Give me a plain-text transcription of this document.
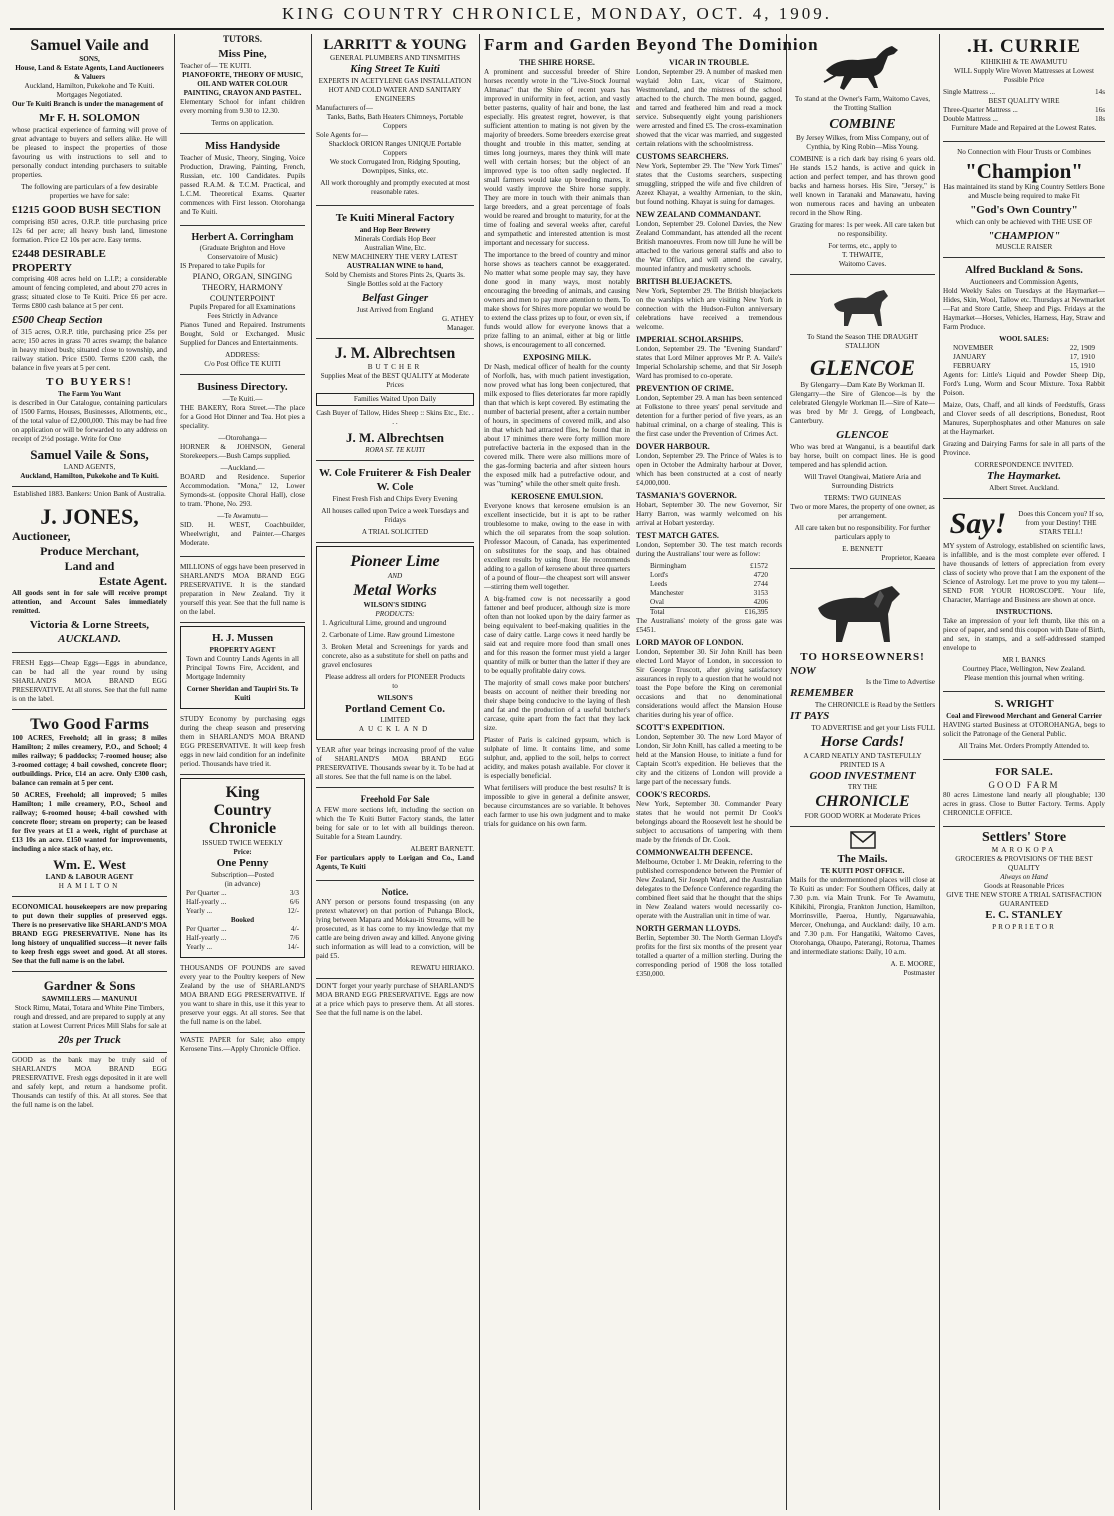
KING COUNTRY CHRONICLE, MONDAY, OCT. 4, 1909.
Samuel Vaile and
SONS,
House, Land & Estate Agents, Land Auctioneers & Valuers
Auckland, Hamilton, Pukekohe and Te Kuiti.
Mortgages Negotiated.

Our Te Kuiti Branch is under the management of

Mr F. H. SOLOMON

whose practical experience of farming will prove of great advantage to buyers and sellers alike. He will be pleased to inspect the properties of those favouring us with instructions to sell and to personally conduct intending purchasers to suitable properties.

The following are particulars of a few desirable properties we have for sale:

£1215 GOOD BUSH SECTION

comprising 850 acres, O.R.P. title purchasing price 12s 6d per acre; all heavy bush land, limestone formation. Price £2 10s per acre. Easy terms.

£2448 DESIRABLE PROPERTY

comprising 408 acres held on L.I.P.; a considerable amount of fencing completed, and about 270 acres in grass; situated close to Te Kuiti. Price £6 per acre. Terms £800 cash balance at 5 per cent.

£500 Cheap Section

of 315 acres, O.R.P. title, purchasing price 25s per acre; 150 acres in grass 70 acres swamp; the balance in heavy mixed bush; situated close to township, and railway station. Price £500. Terms £200 cash, the balance in five years at 5 per cent.

TO BUYERS!
The Farm You Want

is described in Our Catalogue, containing particulars of 1500 Farms, Houses, Businesses, Allotments, etc., of the total value of £2,000,000. This may be had free on application or will be forwarded to any address on receipt of 2½d postage. Write for One

Samuel Vaile & Sons,
LAND AGENTS,
Auckland, Hamilton, Pukekohe and Te Kuiti.

Established 1883. Bankers: Union Bank of Australia.

J. JONES,
Auctioneer,
Produce Merchant,
Land and
Estate Agent.

All goods sent in for sale will receive prompt attention, and Account Sales immediately remitted.

Victoria & Lorne Streets,
AUCKLAND.

FRESH Eggs—Cheap Eggs—Eggs in abundance, can be had all the year round by using SHARLAND'S MOA BRAND EGG PRESERVATIVE. At all stores. See that the full name is on the label.

Two Good Farms

100 ACRES, Freehold; all in grass; 8 miles Hamilton; 2 miles creamery, P.O., and School; 4 miles railway; 6 paddocks; 7-roomed house; also 3-roomed cottage; 4 bail cowshed, concrete floor; outbuildings. Price, £14 an acre. Only £300 cash, balance can remain at 5 per cent.

50 ACRES, Freehold; all improved; 5 miles Hamilton; 1 mile creamery, P.O., School and railway; 6-roomed house; 4-bail cowshed with concrete floor; stream on property; can be leased for five years at £1 a week, right of purchase at £13 10s an acre. £150 wanted for improvements, including a nice stack of hay, etc.

Wm. E. West
LAND & LABOUR AGENT
HAMILTON

ECONOMICAL housekeepers are now preparing to put down their supplies of preserved eggs. There is no preservative like SHARLAND'S MOA BRAND EGG PRESERVATIVE. None has its long history of unqualified success—it never fails to keep fresh eggs sweet and good. At all stores. See that the full name is on the label.

Gardner & Sons
SAWMILLERS — MANUNUI

Stock Rimu, Matai, Totara and White Pine Timbers, rough and dressed, and are prepared to supply at any station at Lowest Current Prices Mill Slabs for sale at

20s per Truck

GOOD as the bank may be truly said of SHARLAND'S MOA BRAND EGG PRESERVATIVE. Fresh eggs deposited in it are well and safely kept, and return a handsome profit. Thousands can testify of this. At all stores. See that the full name is on the label.

TUTORS.
Miss Pine,
Teacher of— TE KUITI.
PIANOFORTE, THEORY OF MUSIC, OIL AND WATER COLOUR PAINTING, CRAYON AND PASTEL.

Elementary School for infant children every morning from 9.30 to 12.30.

Terms on application.
Miss Handyside

Teacher of Music, Theory, Singing, Voice Production, Drawing, Painting, French, Russian, etc. 100 Candidates. Pupils passed R.A.M. & T.C.M. Practical, and L.C.M. Theoretical Exams. Quarter commences with First lesson. Otorohanga and Te Kuiti.

Herbert A. Corringham
(Graduate Brighton and Hove Conservatoire of Music)
IS Prepared to take Pupils for
PIANO, ORGAN, SINGING THEORY, HARMONY COUNTERPOINT
Pupils Prepared for all Examinations
Fees Strictly in Advance

Pianos Tuned and Repaired. Instruments Bought, Sold or Exchanged. Music Supplied for Dances and Entertainments.

ADDRESS:
C/o Post Office TE KUITI
Business Directory.
—Te Kuiti.—

THE BAKERY, Rora Street.—The place for a Good Hot Dinner and Tea. Hot pies a speciality.

—Otorohanga—

HORNER & JOHNSON, General Storekeepers.—Bush Camps supplied.

—Auckland.—

BOARD and Residence. Superior Accommodation. "Mona," 12, Lower Symonds-st. (opposite Choral Hall), close to tram. 'Phone, No. 293.

—Te Awamutu—

SID. H. WEST, Coachbuilder, Wheelwright, and Painter.—Charges Moderate.

MILLIONS of eggs have been preserved in SHARLAND'S MOA BRAND EGG PRESERVATIVE. It is the standard preparation in New Zealand. Try it yourself this year. See that the full name is on the label.

H. J. Mussen
PROPERTY AGENT

Town and Country Lands Agents in all Principal Towns Fire, Accident, and Mortgage Indemnity

Corner Sheridan and Taupiri Sts. Te Kuiti

STUDY Economy by purchasing eggs during the cheap season and preserving them in SHARLAND'S MOA BRAND EGG PRESERVATIVE. It will keep fresh eggs in new laid condition for an indefinite period. Thousands have tried it.

King
Country
Chronicle
ISSUED TWICE WEEKLY
Price:
One Penny
Subscription—Posted
(in advance)
Per Quarter ...	3/3
Half-yearly ...	6/6
Yearly ...	12/-
Booked
Per Quarter ...	4/-
Half-yearly ...	7/6
Yearly ...	14/-

THOUSANDS OF POUNDS are saved every year to the Poultry keepers of New Zealand by the use of SHARLAND'S MOA BRAND EGG PRESERVATIVE. If you want to share in this, use it this year to preserve your eggs. At all stores. See that the full name is on the label.

WASTE PAPER for Sale; also empty Kerosene Tins.—Apply Chronicle Office.

LARRITT & YOUNG
GENERAL PLUMBERS AND TINSMITHS
King Street Te Kuiti
EXPERTS IN ACETYLENE GAS INSTALLATION
HOT AND COLD WATER AND SANITARY ENGINEERS
Manufacturers of—
Tanks, Baths, Bath Heaters Chimneys, Portable Coppers
Sole Agents for—
Shacklock ORION Ranges UNIQUE Portable Coppers

We stock Corrugated Iron, Ridging Spouting, Downpipes, Sinks, etc.

All work thoroughly and promptly executed at most reasonable rates.

Te Kuiti Mineral Factory
and Hop Beer Brewery
Minerals Cordials Hop Beer
Australian Wine, Etc.
NEW MACHINERY THE VERY LATEST
AUSTRALIAN WINE to hand,

Sold by Chemists and Stores Pints 2s, Quarts 3s. Single Bottles sold at the Factory

Belfast Ginger
Just Arrived from England
G. ATHEY
Manager.
J. M. Albrechtsen
BUTCHER

Supplies Meat of the BEST QUALITY at Moderate Prices

Families Waited Upon Daily

Cash Buyer of Tallow, Hides Sheep :: Skins Etc., Etc. . . .

J. M. Albrechtsen
RORA ST. TE KUITI
W. Cole Fruiterer & Fish Dealer W. Cole

Finest Fresh Fish and Chips Every Evening

All houses called upon Twice a week Tuesdays and Fridays

A TRIAL SOLICITED
Pioneer Lime
AND
Metal Works
WILSON'S SIDING
PRODUCTS:

1. Agricultural Lime, ground and unground

2. Carbonate of Lime. Raw ground Limestone

3. Broken Metal and Screenings for yards and concrete, also as a substitute for shell on paths and gravel enclosures

Please address all orders for PIONEER Products to

WILSON'S
Portland Cement Co.
LIMITED
AUCKLAND

YEAR after year brings increasing proof of the value of SHARLAND'S MOA BRAND EGG PRESERVATIVE. Thousands swear by it. To be had at all stores. See that the full name is on the label.

Freehold For Sale

A FEW more sections left, including the section on which the Te Kuiti Butter Factory stands, the latter being for sale or to let with all buildings thereon. Suitable for a Steam Laundry.

ALBERT BARNETT.

For particulars apply to Lorigan and Co., Land Agents, Te Kuiti

Notice.

ANY person or persons found trespassing (on any pretext whatever) on that portion of Puhanga Block, lying between Mapara and Mokau-iti Streams, will be prosecuted, as it has come to my knowledge that my cattle are being driven away and killed. Anyone giving such information as will lead to a conviction, will be paid £5.

REWATU HIRIAKO.

DON'T forget your yearly purchase of SHARLAND'S MOA BRAND EGG PRESERVATIVE. Eggs are now at a price which pays to preserve them. At all stores. See that the full name is on the label.

Farm and Garden Beyond The Dominion
THE SHIRE HORSE.

A prominent and successful breeder of Shire horses recently wrote in the "Live-Stock Journal Almanac" that the Shire of recent years has improved in uniformity in feet, action, and vastly better pasterns, quality of hair and bone, the last especially. His greatest regret, however, is that sufficient attention to mating is not given by the majority of breeders. Some breeders exercise great thought and trouble in this matter, sending at times long journeys, mares they think will mate well with certain horses; but the object of an improved type is too often sadly neglected. If small farmers would take up breeding mares, it would vastly improve the Shire horse supply. They are more in touch with their animals than large breeders, and a great percentage of foals would be reared and brought to maturity, for at the time of foaling and several weeks after, careful and sympathetic and interested attention is most important and necessary for success.

The importance to the breed of country and minor horse shows as teachers cannot be exaggerated. No matter what some people may say, they have done good in many ways, most notably encouraging the breeding of animals, and causing owners and men to pay more attention to them. To make shows for Shires more popular we would be to extend the class prizes up to four, or even six, if funds would allow for everyone knows that a prize falling to an animal, either at big or little shows, is encouragement to all concerned.

EXPOSING MILK.

Dr Nash, medical officer of health for the county of Norfolk, has, with much patient investigation, now proved what has long been conjectured, that milk exposed to flies deteriorates far more rapidly than that which is kept covered. By estimating the number of bacterial present, after a certain number of hours, in specimens of covered milk, and also in that which had attracted flies, he found that in about 17 minimes there were forty million more putrefactive bacteria in the exposed than in the covered milk. There were also millions more of the gas-forming bacteria and after sixteen hours the exposed milk had a putrefactive odour, and was "turning" while the other smelt quite fresh.

KEROSENE EMULSION.

Everyone knows that kerosene emulsion is an excellent insecticide, but it is apt to be rather troublesome to make, owing to the ease in with which the oil separates from the soap solution. Professor Macoun, of Canada, has experimented on substitutes for the soap, and has obtained excellent results by using flour. He recommends adding to a gallon of kerosene about three quarters of a pound of flour—the cheapest sort will answer—stirring them well together.

A big-framed cow is not necessarily a good fattener and beef producer, although size is more often than not looked upon by the dairy farmer as being equivalent to beef-making qualities in the case of dairy cattle. Large cows it need hardly be said eat and require more food than small ones and for this reason the former must yield a larger quantity of milk or butter than the latter if they are to be equally profitable dairy cows.

The majority of small cows make poor butchers' beasts on account of neither their breeding nor their shape being conducive to the laying of flesh and fat and the production of a useful butcher's carcase, quite apart from the fact that they lack size.

Plaster of Paris is calcined gypsum, which is sulphate of lime. It contains lime, and some sulphur, and, applied to the soil, helps to correct acidity, and makes potash available. For clover it is especially beneficial.

What fertilisers will produce the best results? It is impossible to give in general a definite answer, because circumstances are so variable. It behoves each farmer to use his own judgment and to make trials for guidance on his own farm.

VICAR IN TROUBLE.

London, September 29. A number of masked men waylaid John Lax, vicar of Staimore, Westmoreland, and the mistress of the school attached to the church. The men bound, gagged, and tarred and feathered him and read a mock service. Subsequently eight young parishioners were arrested and fined £5. The cross-examination showed that the vicar was married, and suggested certain relations with the schoolmistress.

CUSTOMS SEARCHERS.

New York, September 29. The "New York Times" states that the Customs searchers, suspecting smuggling, stripped the wife and five children of Azeez Khayat, a wealthy Armenian, to the skin, but found nothing. Khayat is suing for damages.

NEW ZEALAND COMMANDANT.

London, September 29. Colonel Davies, the New Zealand Commandant, has attended all the recent British manoeuvres. From now till June he will be attached to the various general staffs and also to the War Office, and will attend the cavalry, mounted infantry and musketry schools.

BRITISH BLUEJACKETS.

New York, September 29. The British bluejackets on the warships which are visiting New York in connection with the Hudson-Fulton anniversary celebrations have received a tremendous welcome.

IMPERIAL SCHOLARSHIPS.

London, September 29. The "Evening Standard" states that Lord Milner approves Mr P. A. Vaile's Imperial Scholarship scheme, and that Sir Joseph Ward has promised to co-operate.

PREVENTION OF CRIME.

London, September 29. A man has been sentenced at Folkstone to three years' penal servitude and detention for a further period of five years, as an habitual criminal, on a charge of stealing. This is the first case under the Prevention of Crimes Act.

DOVER HARBOUR.

London, September 29. The Prince of Wales is to open in October the Admiralty harbour at Dover, which has been constructed at a cost of nearly £4,000,000.

TASMANIA'S GOVERNOR.

Hobart, September 30. The new Governor, Sir Harry Barron, was warmly welcomed on his arrival at Hobart yesterday.

TEST MATCH GATES.

London, September 30. The test match records during the Australians' tour were as follow:

Birmingham	£1572
Lord's	4720
Leeds	2744
Manchester	3153
Oval	4206
Total	£16,395

The Australians' moiety of the gross gate was £5451.

LORD MAYOR OF LONDON.

London, September 30. Sir John Knill has been elected Lord Mayor of London, in succession to Sir George Truscott, after giving satisfactory assurances in reply to a question that he would not toast the Pope before the King on ceremonial occasions and that no denominational considerations would affect the Mansion House charities during his year of office.

SCOTT'S EXPEDITION.

London, September 30. The new Lord Mayor of London, Sir John Knill, has called a meeting to be held at the Mansion House, to initiate a fund for Captain Scott's expedition. He believes that the city and the citizens of London will provide a large part of the necessary funds.

COOK'S RECORDS.

New York, September 30. Commander Peary states that he would not permit Dr Cook's belongings aboard the Roosevelt lest he should be subject to accusations of tampering with them made by the friends of Dr. Cook.

COMMONWEALTH DEFENCE.

Melbourne, October 1. Mr Deakin, referring to the published correspondence between the Premier of New Zealand, Sir Joseph Ward, and the Australian delegates to the Defence Conference regarding the combined fleet said that he thought that the ships in New Zealand waters would necessarily co-operate with the Australian unit in time of war.

NORTH GERMAN LLOYDS.

Berlin, September 30. The North German Lloyd's profits for the first six months of the present year totalled a quarter of a million sterling. During the corresponding period of 1908 the loss totalled £350,000.

To stand at the Owner's Farm, Waitomo Caves, the Trotting Stallion

COMBINE

By Jersey Wilkes, from Miss Company, out of Cynthia, by King Robin—Miss Young.

COMBINE is a rich dark bay rising 6 years old. He stands 15.2 hands, is active and quick in action and perfect temper, and has thrown good backs and harness horses. His Sire, "Jersey," is well known in Taranaki and Manawatu, having won numerous races and having an unbeaten record in the Show Ring.

Grazing for mares: 1s per week. All care taken but no responsibility.

For terms, etc., apply to
T. THWAITE,
Waitomo Caves.

To Stand the Season THE DRAUGHT STALLION

GLENCOE
By Glengarry—Dam Kate By Workman II.

Glengarry—the Sire of Glencoe—is by the celebrated Glengyle Workman II.—Sire of Kate—was bred by Mr J. Gregg, of Longbeach, Canterbury.

GLENCOE

Who was bred at Wanganui, is a beautiful dark bay horse, built on compact lines. He is good tempered and has splendid action.

Will Travel Otangiwai, Matiere Aria and Surrounding Districts

TERMS: TWO GUINEAS

Two or more Mares, the property of one owner, as per arrangement.

All care taken but no responsibility. For further particulars apply to

E. BENNETT
Proprietor, Kaeaea
TO HORSEOWNERS!
NOW
Is the Time to Advertise
REMEMBER
The CHRONICLE is Read by the Settlers
IT PAYS
TO ADVERTISE and get your Lists FULL
Horse Cards!
A CARD NEATLY AND TASTEFULLY PRINTED IS A
GOOD INVESTMENT
TRY THE
CHRONICLE
FOR GOOD WORK at Moderate Prices
The Mails.
TE KUITI POST OFFICE.

Mails for the undermentioned places will close at Te Kuiti as under: For Southern Offices, daily at 7.30 p.m. via Main Trunk. For Te Awamutu, Kihikihi, Pirongia, Frankton Junction, Hamilton, Morrinsville, Paeroa, Huntly, Ngaruawahia, Mercer, Onehunga, and Auckland: daily, 10 a.m. and 7.30 p.m. For Hangatiki, Waitomo Caves, Otorohanga, Ohaupo, Paterangi, Rotorua, Thames and intermediate stations: Daily, 10 a.m.

A. E. MOORE,
Postmaster
.H. CURRIE
KIHIKIHI & TE AWAMUTU

WILL Supply Wire Woven Mattresses at Lowest Possible Price

Single Mattress ...	14s
BEST QUALITY WIRE
Three-Quarter Mattress ...	16s
Double Mattress ...	18s

Furniture Made and Repaired at the Lowest Rates.

No Connection with Flour Trusts or Combines

"Champion"

Has maintained its stand by King Country Settlers Bone and Muscle being required to make Fit

"God's Own Country"

which can only be achieved with THE USE OF

"CHAMPION"
MUSCLE RAISER
Alfred Buckland & Sons.
Auctioneers and Commission Agents,

Hold Weekly Sales on Tuesdays at the Haymarket—Hides, Skin, Wool, Tallow etc. Thursdays at Newmarket—Fat and Store Cattle, Sheep and Pigs. Fridays at the Haymarket—Horses, Vehicles, Harness, Hay, Straw and Farm Produce.

WOOL SALES:
NOVEMBER	22, 1909
JANUARY	17, 1910
FEBRUARY	15, 1910

Agents for: Little's Liquid and Powder Sheep Dip, Ford's Lung, Worm and Scour Mixture. Toxa Rabbit Poison.

Maize, Oats, Chaff, and all kinds of Feedstuffs, Grass and Clover seeds of all descriptions, Bonedust, Root Manures, Superphosphates and other Manures on sale at the Haymarket.

Grazing and Dairying Farms for sale in all parts of the Province.

CORRESPONDENCE INVITED.
The Haymarket.
Albert Street. Auckland.
Say!	Does this Concern you? If so, from your Destiny! THE STARS TELL!

MY system of Astrology, established on scientific laws, is infallible, and is the most complete ever offered. I have thousands of letters of appreciation from every class of society who prove that I am the exponent of the Science of Astrology. Let me prove to you my talent—SEND FOR YOUR HOROSCOPE. Your life, Character, Marriage and Business are shown at once.

INSTRUCTIONS.

Take an impression of your left thumb, like this on a piece of paper, and send this coupon with Date of Birth, and sex, in stamps, and a self-addressed stamped envelope to

MR I. BANKS
Courtney Place, Wellington, New Zealand.

Please mention this journal when writing.

S. WRIGHT
Coal and Firewood Merchant and General Carrier

HAVING started Business at OTOROHANGA, begs to solicit the Patronage of the General Public.

All Trains Met. Orders Promptly Attended to.

FOR SALE.
GOOD FARM

80 acres Limestone land nearly all ploughable; 130 acres in grass. Close to Butter Factory. Terms. Apply CHRONICLE OFFICE.

Settlers' Store
MAROKOPA
GROCERIES & PROVISIONS OF THE BEST QUALITY
Always on Hand
Goods at Reasonable Prices
GIVE THE NEW STORE A TRIAL SATISFACTION GUARANTEED
E. C. STANLEY
PROPRIETOR
